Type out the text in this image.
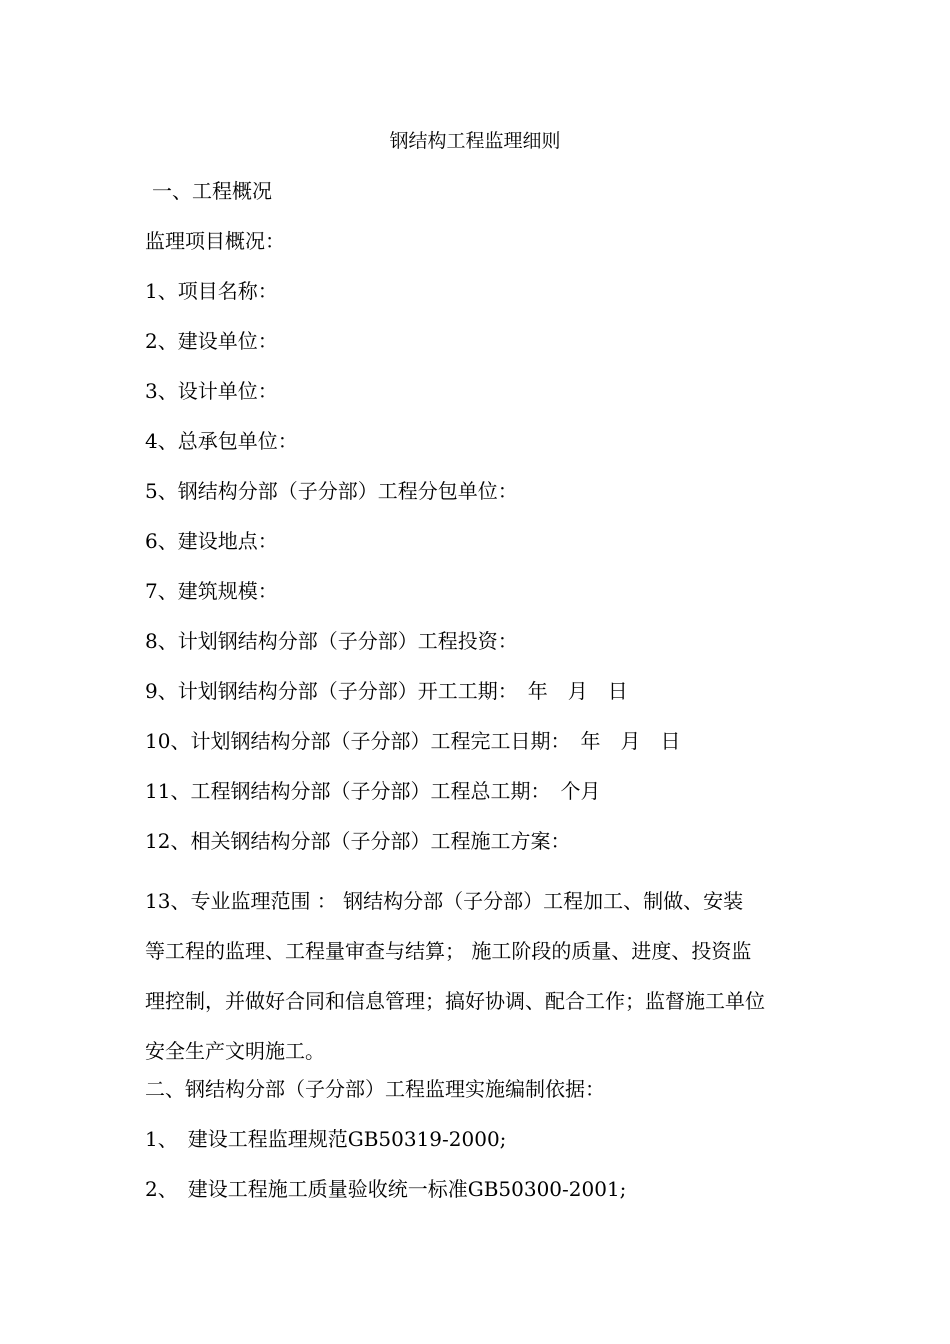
钢结构工程监理细则
一、工程概况
监理项目概况：
1、项目名称：
2、建设单位：
3、设计单位：
4、总承包单位：
5、钢结构分部（子分部）工程分包单位：
6、建设地点：
7、建筑规模：
8、计划钢结构分部（子分部）工程投资：
9、计划钢结构分部（子分部）开工工期：　年　月　日
10、计划钢结构分部（子分部）工程完工日期：　年　月　日
11、工程钢结构分部（子分部）工程总工期：　个月
12、相关钢结构分部（子分部）工程施工方案：
13、专业监理范围 ： 钢结构分部（子分部）工程加工、制做、安装
等工程的监理、工程量审查与结算； 施工阶段的质量、进度、投资监
理控制，并做好合同和信息管理；搞好协调、配合工作；监督施工单位
安全生产文明施工。
二、钢结构分部（子分部）工程监理实施编制依据：
1、　建设工程监理规范GB50319-2000;
2、　建设工程施工质量验收统一标准GB50300-2001;
